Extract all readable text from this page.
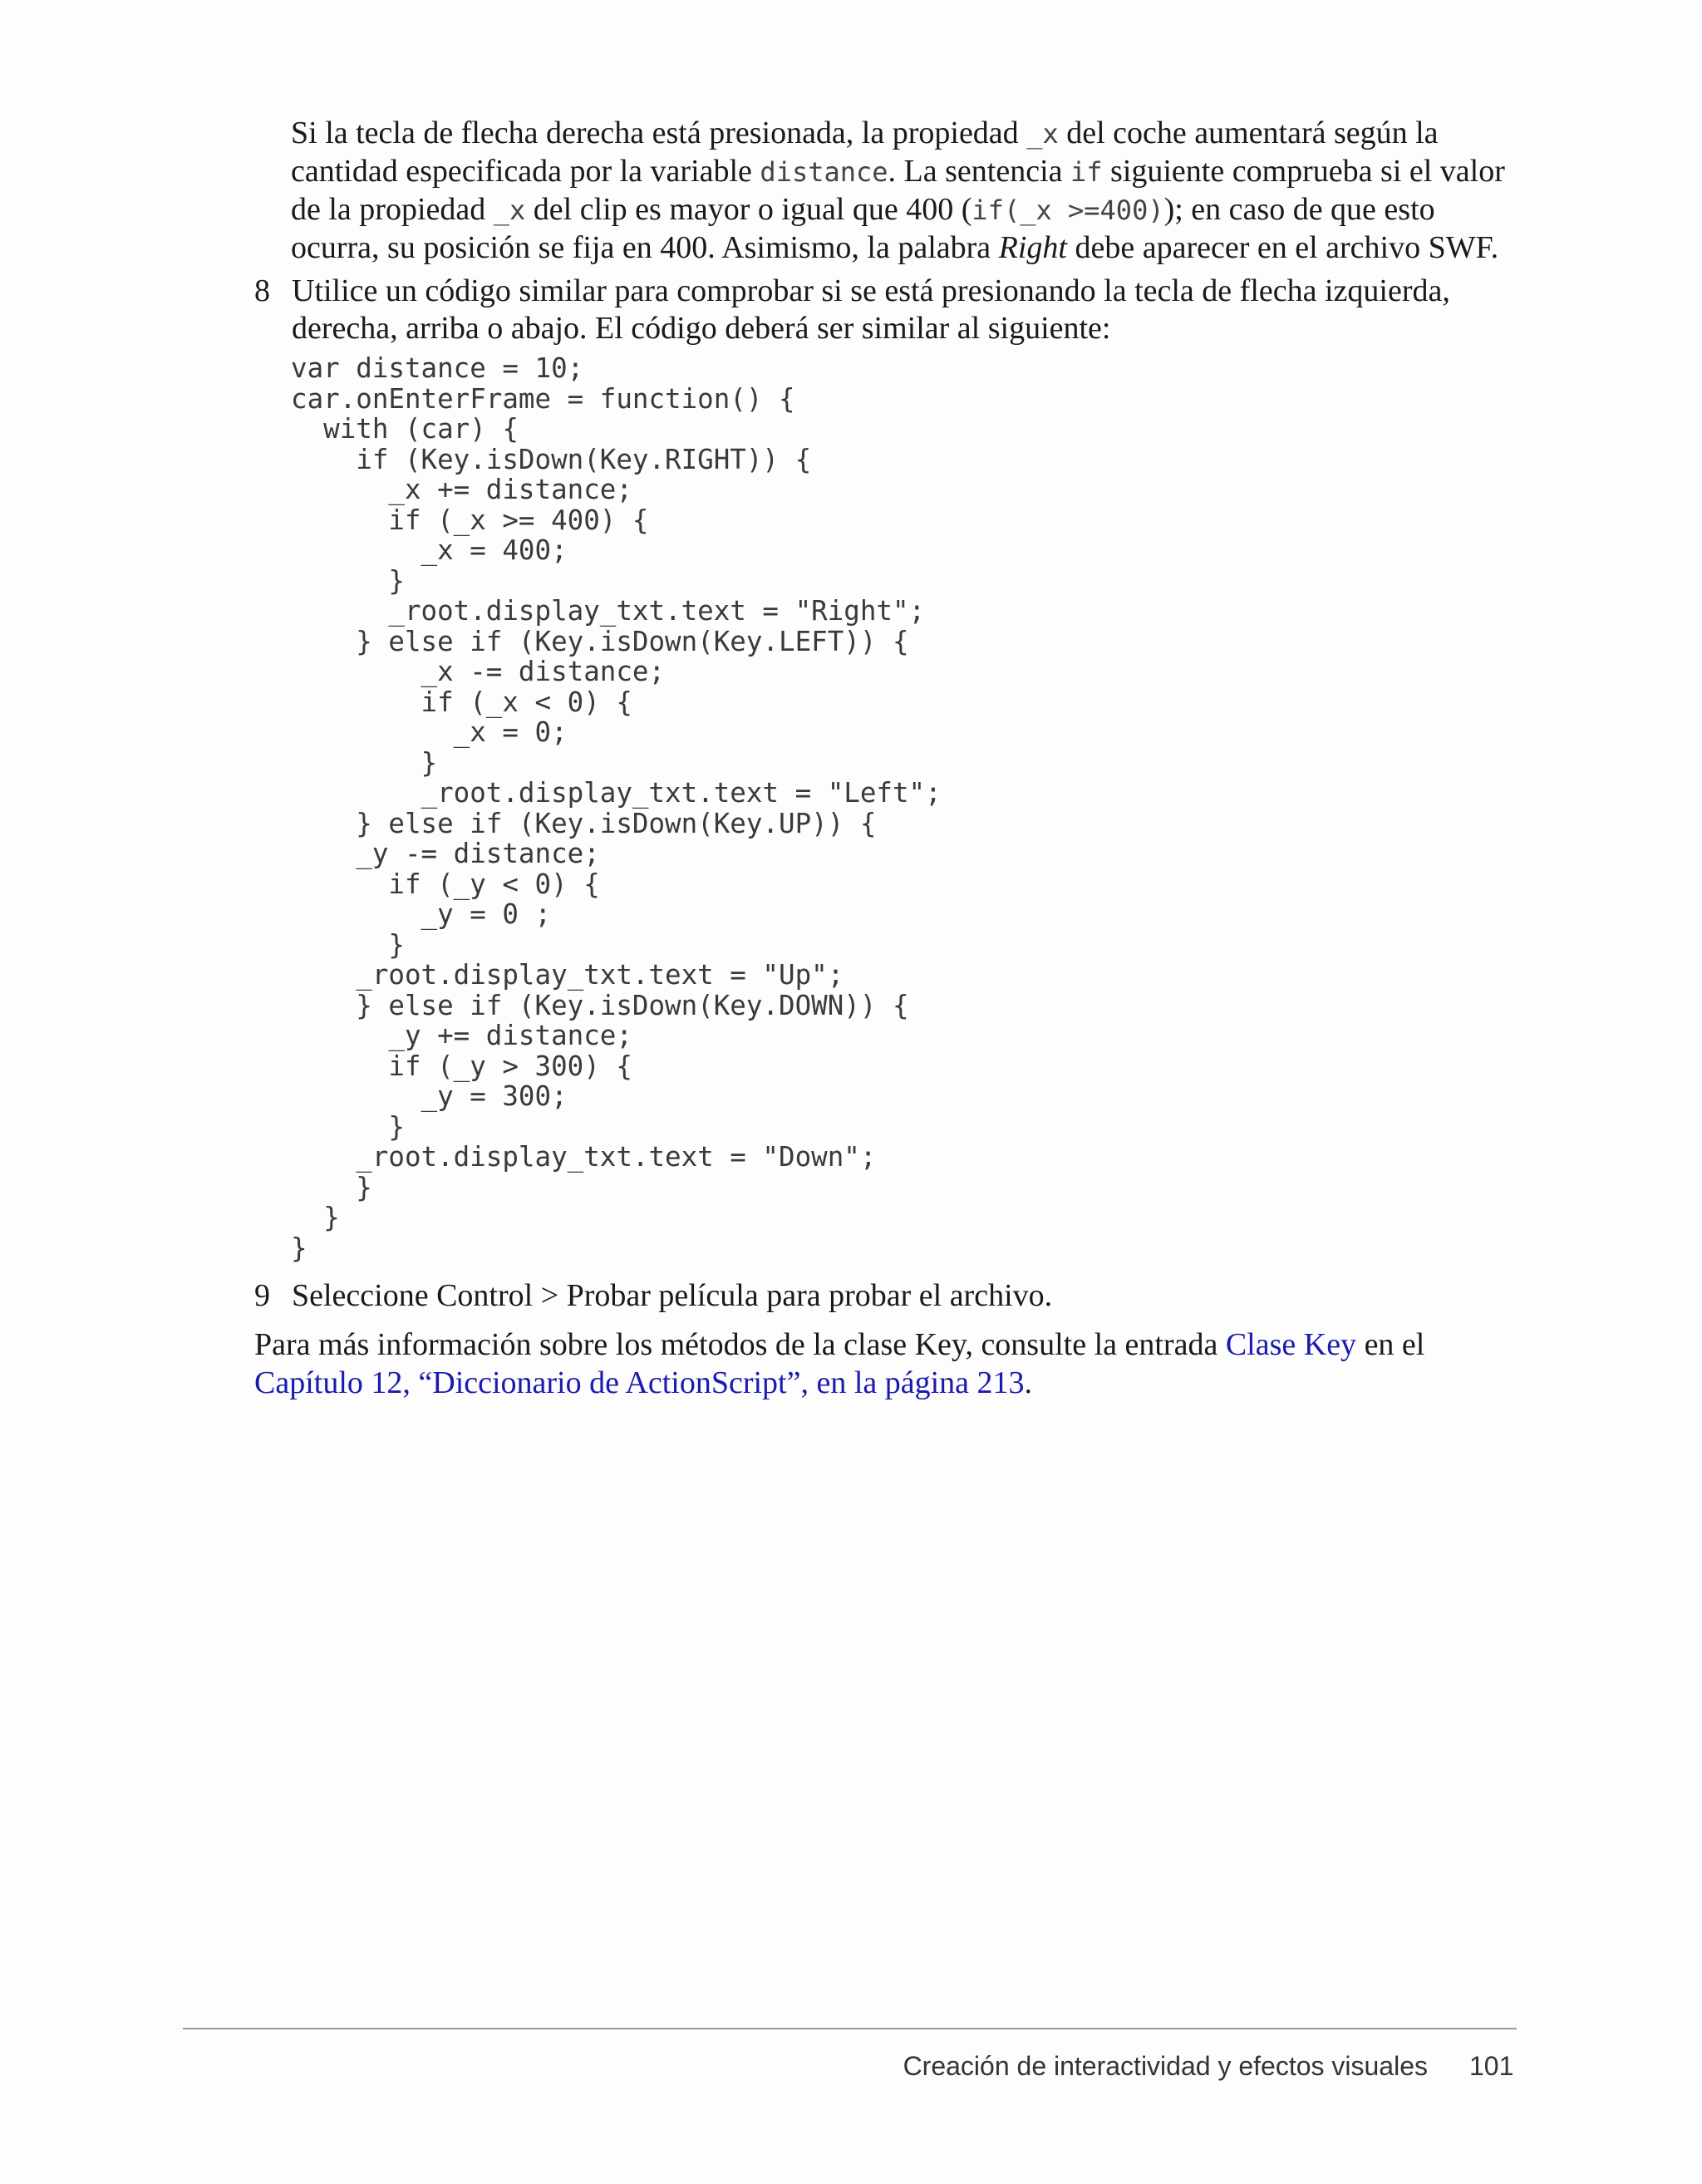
Si la tecla de flecha derecha está presionada, la propiedad _x del coche aumentará según la cantidad especificada por la variable distance. La sentencia if siguiente comprueba si el valor de la propiedad _x del clip es mayor o igual que 400 (if(_x >=400)); en caso de que esto ocurra, su posición se fija en 400. Asimismo, la palabra Right debe aparecer en el archivo SWF.

8 Utilice un código similar para comprobar si se está presionando la tecla de flecha izquierda, derecha, arriba o abajo. El código deberá ser similar al siguiente:
var distance = 10;
car.onEnterFrame = function() {
with (car) {
if (Key.isDown(Key.RIGHT)) {
_x += distance;
if (_x >= 400) {
_x = 400;
}
_root.display_txt.text = "Right";
} else if (Key.isDown(Key.LEFT)) {
_x -= distance;
if (_x < 0) {
_x = 0;
}
_root.display_txt.text = "Left";
} else if (Key.isDown(Key.UP)) {
_y -= distance;
if (_y < 0) {
_y = 0 ;
}
_root.display_txt.text = "Up";
} else if (Key.isDown(Key.DOWN)) {
_y += distance;
if (_y > 300) {
_y = 300;
}
_root.display_txt.text = "Down";
}
}
}
9 Seleccione Control > Probar película para probar el archivo.

Para más información sobre los métodos de la clase Key, consulte la entrada Clase Key en el Capítulo 12, “Diccionario de ActionScript”, en la página 213.

Creación de interactividad y efectos visuales 101
